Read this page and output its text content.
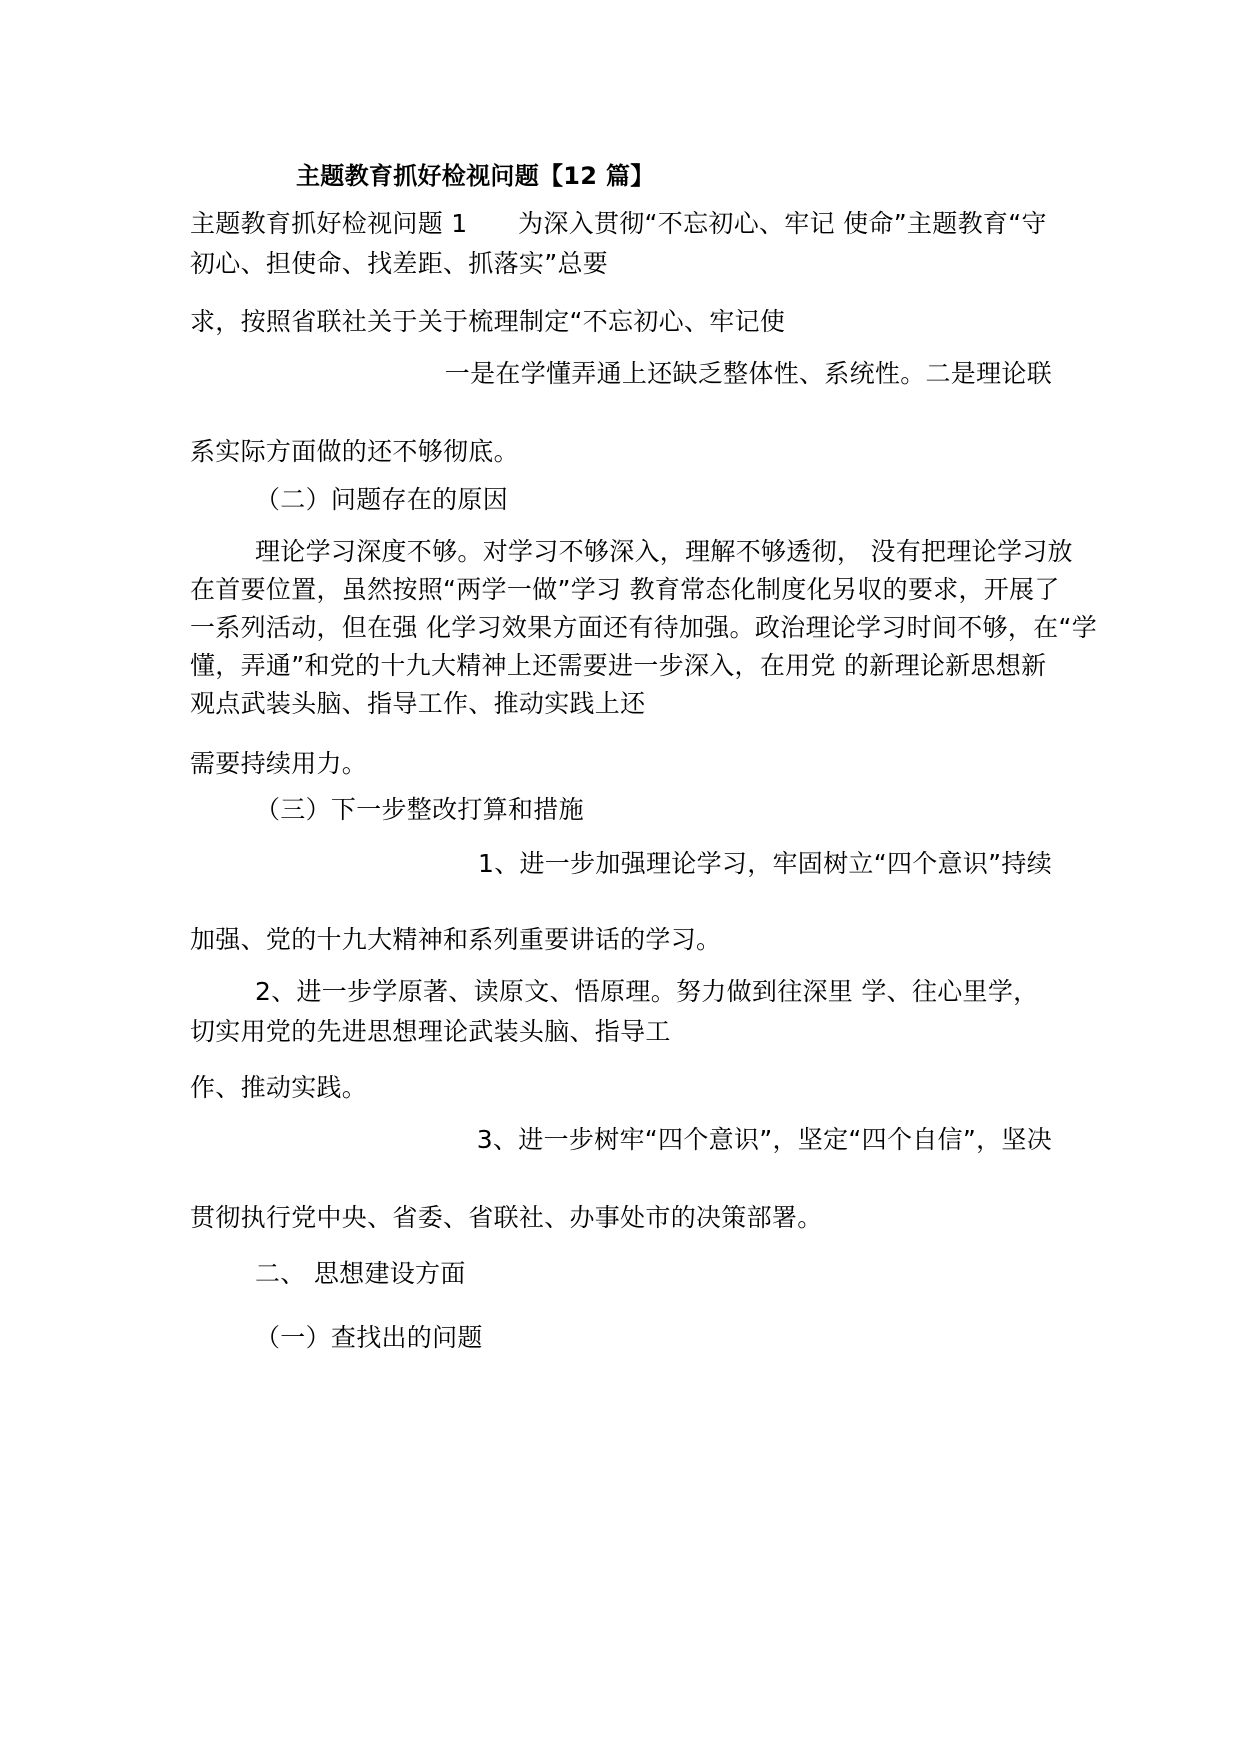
主题教育抓好检视问题【12 篇】
主题教育抓好检视问题 1　　为深入贯彻“不忘初心、牢记 使命”主题教育“守
初心、担使命、找差距、抓落实”总要
求，按照省联社关于关于梳理制定“不忘初心、牢记使
一是在学懂弄通上还缺乏整体性、系统性。二是理论联
系实际方面做的还不够彻底。
（二）问题存在的原因
理论学习深度不够。对学习不够深入，理解不够透彻， 没有把理论学习放
在首要位置，虽然按照“两学一做”学习 教育常态化制度化另収的要求，开展了
一系列活动，但在强 化学习效果方面还有待加强。政治理论学习时间不够，在“学
懂，弄通”和党的十九大精神上还需要进一步深入，在用党 的新理论新思想新
观点武装头脑、指导工作、推动实践上还
需要持续用力。
（三）下一步整改打算和措施
1、进一步加强理论学习，牢固树立“四个意识”持续
加强、党的十九大精神和系列重要讲话的学习。
2、进一步学原著、读原文、悟原理。努力做到往深里 学、往心里学，
切实用党的先进思想理论武装头脑、指导工
作、推动实践。
3、进一步树牢“四个意识”，坚定“四个自信”，坚决
贯彻执行党中央、省委、省联社、办事处市的决策部署。
二、 思想建设方面
（一）查找出的问题
